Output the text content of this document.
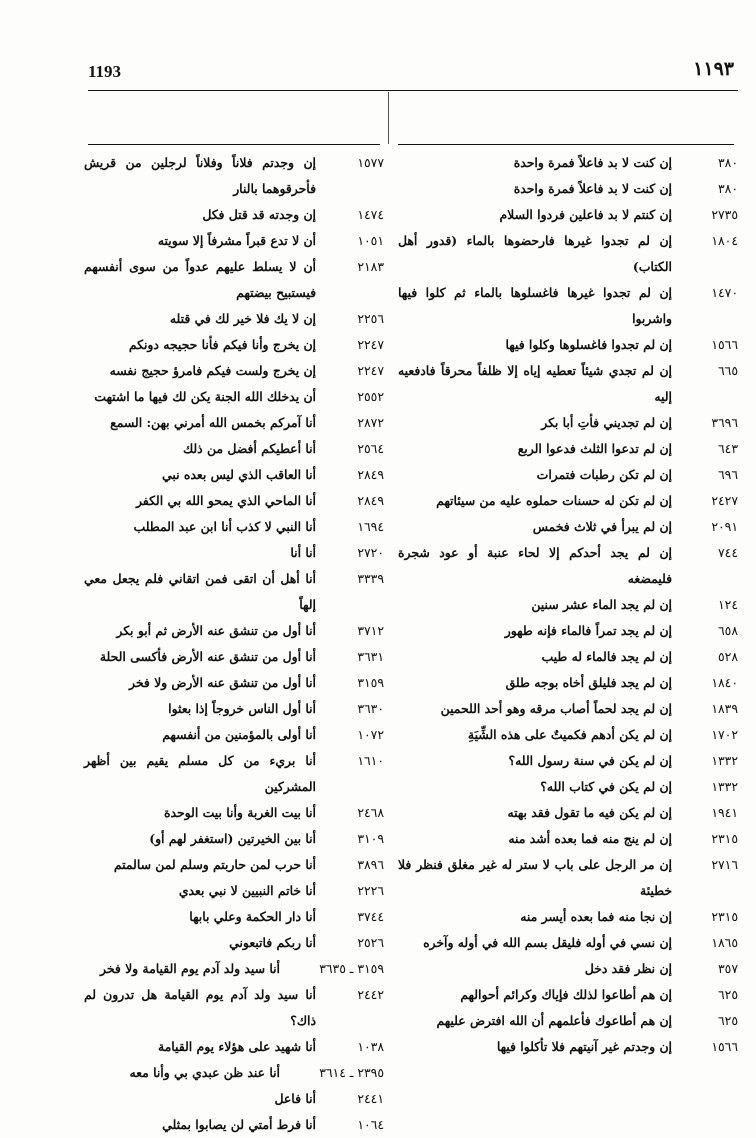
1193	١١٩٣
٣٨٠
إن كنت لا بد فاعلاً فمرة واحدة
٣٨٠
إن كنت لا بد فاعلاً فمرة واحدة
٢٧٣٥
إن كنتم لا بد فاعلين فردوا السلام
١٨٠٤
إن لم تجدوا غيرها فارحضوها بالماء (قدور أهل الكتاب)
١٤٧٠
إن لم تجدوا غيرها فاغسلوها بالماء ثم كلوا فيها واشربوا
١٥٦٦
إن لم تجدوا فاغسلوها وكلوا فيها
٦٦٥
إن لم تجدي شيئاً تعطيه إياه إلا ظلفاً محرقاً فادفعيه إليه
٣٦٩٦
إن لم تجديني فأتِ أبا بكر
٦٤٣
إن لم تدعوا الثلث فدعوا الربع
٦٩٦
إن لم تكن رطبات فتمرات
٢٤٢٧
إن لم تكن له حسنات حملوه عليه من سيئاتهم
٢٠٩١
إن لم يبرأ في ثلاث فخمس
٧٤٤
إن لم يجد أحدكم إلا لحاء عنبة أو عود شجرة فليمضغه
١٢٤
إن لم يجد الماء عشر سنين
٦٥٨
إن لم يجد تمراً فالماء فإنه طهور
٥٢٨
إن لم يجد فالماء له طيب
١٨٤٠
إن لم يجد فليلق أخاه بوجه طلق
١٨٣٩
إن لم يجد لحماً أصاب مرقه وهو أحد اللحمين
١٧٠٢
إن لم يكن أدهم فكميتٌ على هذه الشِّيَةِ
١٣٣٢
إن لم يكن في سنة رسول الله؟
١٣٣٢
إن لم يكن في كتاب الله؟
١٩٤١
إن لم يكن فيه ما تقول فقد بهته
٢٣١٥
إن لم ينج منه فما بعده أشد منه
٢٧١٦
إن مر الرجل على باب لا ستر له غير مغلق فنظر فلا خطيئة
٢٣١٥
إن نجا منه فما بعده أيسر منه
١٨٦٥
إن نسي في أوله فليقل بسم الله في أوله وآخره
٣٥٧
إن نظر فقد دخل
٦٢٥
إن هم أطاعوا لذلك فإياك وكرائم أحوالهم
٦٢٥
إن هم أطاعوك فأعلمهم أن الله افترض عليهم
١٥٦٦
إن وجدتم غير آنيتهم فلا تأكلوا فيها
١٥٧٧
إن وجدتم فلاناً وفلاناً لرجلين من قريش فأحرقوهما بالنار
١٤٧٤
إن وجدته قد قتل فكل
١٠٥١
أن لا تدع قبراً مشرفاً إلا سويته
٢١٨٣
أن لا يسلط عليهم عدواً من سوى أنفسهم فيستبيح بيضتهم
٢٢٥٦
إن لا يك فلا خير لك في قتله
٢٢٤٧
إن يخرج وأنا فيكم فأنا حجيجه دونكم
٢٢٤٧
إن يخرج ولست فيكم فامرؤ حجيج نفسه
٢٥٥٢
أن يدخلك الله الجنة يكن لك فيها ما اشتهت
٢٨٧٢
أنا آمركم بخمس الله أمرني بهن: السمع
٢٥٦٤
أنا أعطيكم أفضل من ذلك
٢٨٤٩
أنا العاقب الذي ليس بعده نبي
٢٨٤٩
أنا الماحي الذي يمحو الله بي الكفر
١٦٩٤
أنا النبي لا كذب أنا ابن عبد المطلب
٢٧٢٠
أنا أنا
٣٣٣٩
أنا أهل أن اتقى فمن اتقاني فلم يجعل معي إلهاً
٣٧١٢
أنا أول من تنشق عنه الأرض ثم أبو بكر
٣٦٣١
أنا أول من تنشق عنه الأرض فأكسى الحلة
٣١٥٩
أنا أول من تنشق عنه الأرض ولا فخر
٣٦٣٠
أنا أول الناس خروجاً إذا بعثوا
١٠٧٢
أنا أولى بالمؤمنين من أنفسهم
١٦١٠
أنا بريء من كل مسلم يقيم بين أظهر المشركين
٢٤٦٨
أنا بيت الغربة وأنا بيت الوحدة
٣١٠٩
أنا بين الخيرتين (استغفر لهم أو)
٣٨٩٦
أنا حرب لمن حاربتم وسلم لمن سالمتم
٢٢٢٦
أنا خاتم النبيين لا نبي بعدي
٣٧٤٤
أنا دار الحكمة وعلي بابها
٢٥٢٦
أنا ربكم فاتبعوني
٣١٥٩ ـ ٣٦٣٥
أنا سيد ولد آدم يوم القيامة ولا فخر
٢٤٤٢
أنا سيد ولد آدم يوم القيامة هل تدرون لم ذاك؟
١٠٣٨
أنا شهيد على هؤلاء يوم القيامة
٢٣٩٥ ـ ٣٦١٤
أنا عند ظن عبدي بي وأنا معه
٢٤٤١
أنا فاعل
١٠٦٤
أنا فرط أمتي لن يصابوا بمثلي
